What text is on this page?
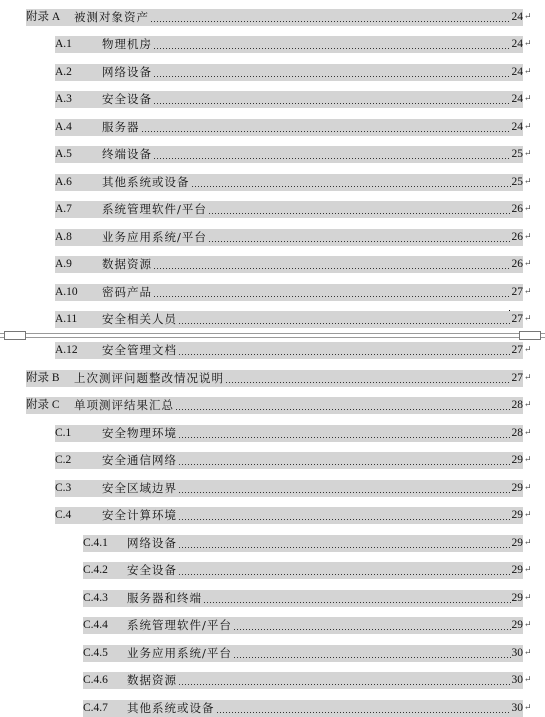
附录 A	被测对象资产	24 ↵
A.1	物理机房	24 ↵
A.2	网络设备	24 ↵
A.3	安全设备	24 ↵
A.4	服务器	24 ↵
A.5	终端设备	25 ↵
A.6	其他系统或设备	25 ↵
A.7	系统管理软件/平台	26 ↵
A.8	业务应用系统/平台	26 ↵
A.9	数据资源	26 ↵
A.10	密码产品	27 ↵
A.11	安全相关人员	27 ↵
A.12	安全管理文档	27 ↵
附录 B	上次测评问题整改情况说明	27 ↵
附录 C	单项测评结果汇总	28 ↵
C.1	安全物理环境	28 ↵
C.2	安全通信网络	29 ↵
C.3	安全区域边界	29 ↵
C.4	安全计算环境	29 ↵
C.4.1	网络设备	29 ↵
C.4.2	安全设备	29 ↵
C.4.3	服务器和终端	29 ↵
C.4.4	系统管理软件/平台	29 ↵
C.4.5	业务应用系统/平台	30 ↵
C.4.6	数据资源	30 ↵
C.4.7	其他系统或设备	30 ↵
